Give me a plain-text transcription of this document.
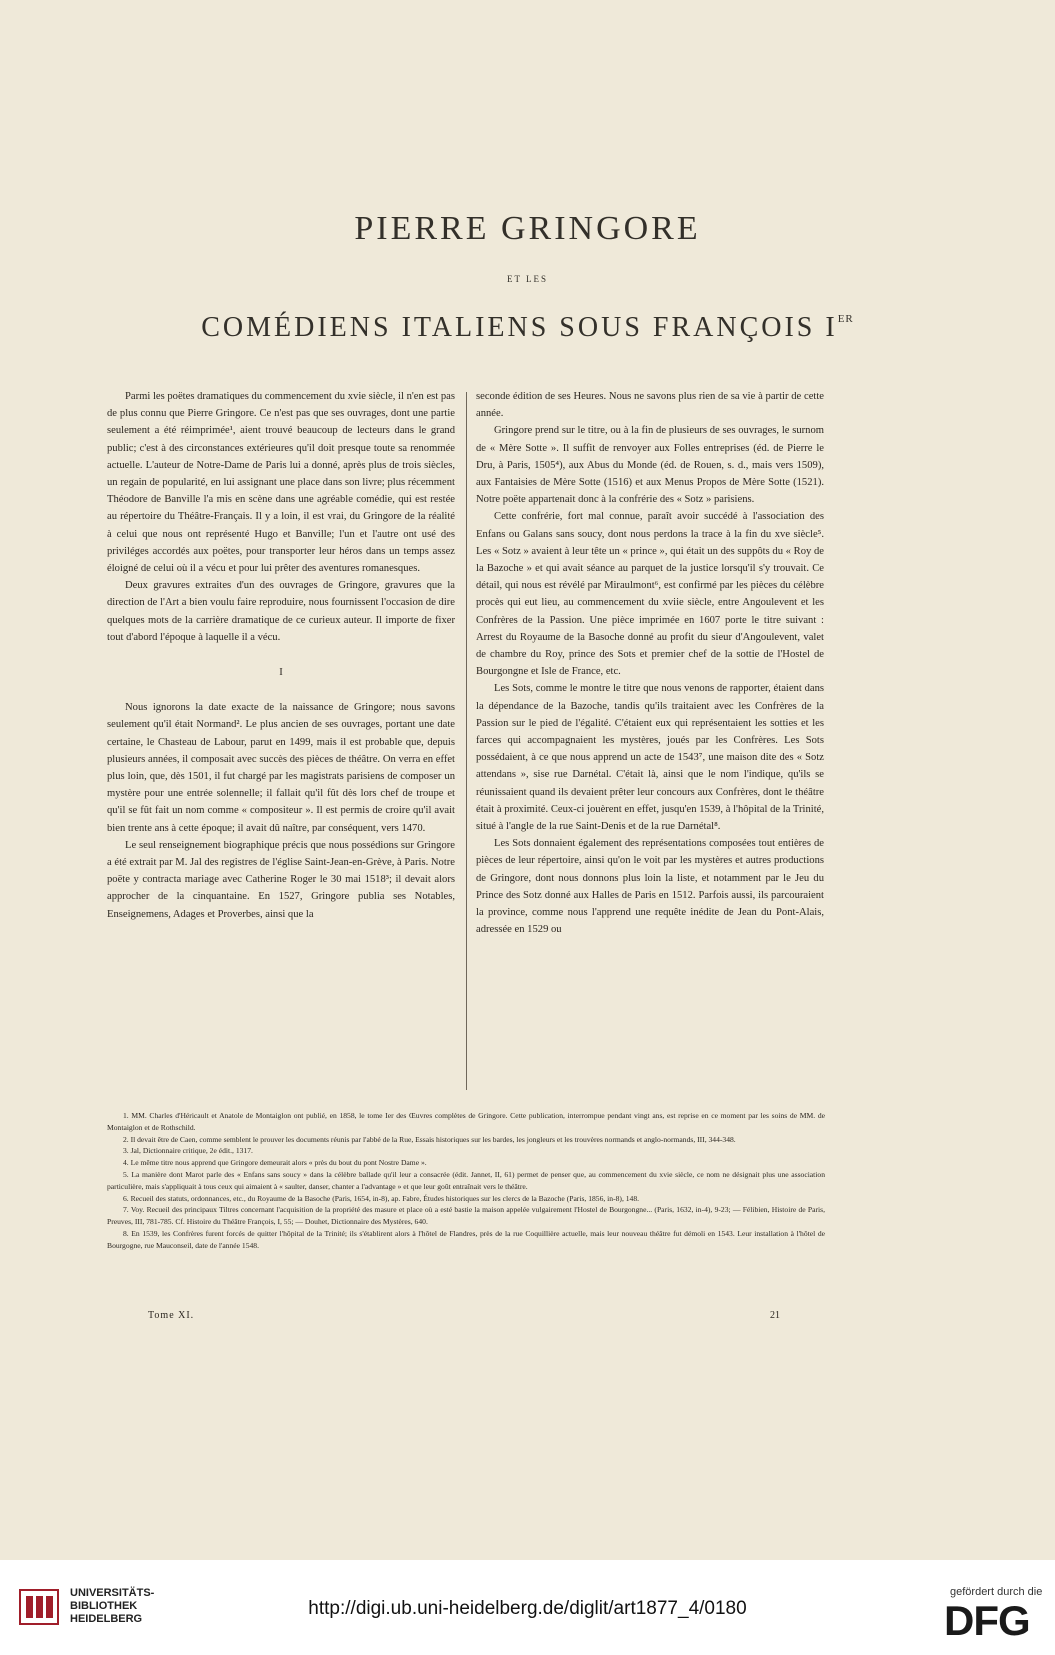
PIERRE GRINGORE
ET LES
COMÉDIENS ITALIENS SOUS FRANÇOIS IER

Parmi les poëtes dramatiques du commencement du xvie siècle, il n'en est pas de plus connu que Pierre Gringore. Ce n'est pas que ses ouvrages, dont une partie seulement a été réimprimée¹, aient trouvé beaucoup de lecteurs dans le grand public; c'est à des circonstances extérieures qu'il doit presque toute sa renommée actuelle. L'auteur de Notre-Dame de Paris lui a donné, après plus de trois siècles, un regain de popularité, en lui assignant une place dans son livre; plus récemment Théodore de Banville l'a mis en scène dans une agréable comédie, qui est restée au répertoire du Théâtre-Français. Il y a loin, il est vrai, du Gringore de la réalité à celui que nous ont représenté Hugo et Banville; l'un et l'autre ont usé des priviléges accordés aux poëtes, pour transporter leur héros dans un temps assez éloigné de celui où il a vécu et pour lui prêter des aventures romanesques.

Deux gravures extraites d'un des ouvrages de Gringore, gravures que la direction de l'Art a bien voulu faire reproduire, nous fournissent l'occasion de dire quelques mots de la carrière dramatique de ce curieux auteur. Il importe de fixer tout d'abord l'époque à laquelle il a vécu.

I

Nous ignorons la date exacte de la naissance de Gringore; nous savons seulement qu'il était Normand². Le plus ancien de ses ouvrages, portant une date certaine, le Chasteau de Labour, parut en 1499, mais il est probable que, depuis plusieurs années, il composait avec succès des pièces de théâtre. On verra en effet plus loin, que, dès 1501, il fut chargé par les magistrats parisiens de composer un mystère pour une entrée solennelle; il fallait qu'il fût dès lors chef de troupe et qu'il se fût fait un nom comme « compositeur ». Il est permis de croire qu'il avait bien trente ans à cette époque; il avait dû naître, par conséquent, vers 1470.

Le seul renseignement biographique précis que nous possédions sur Gringore a été extrait par M. Jal des registres de l'église Saint-Jean-en-Grève, à Paris. Notre poëte y contracta mariage avec Catherine Roger le 30 mai 1518³; il devait alors approcher de la cinquantaine. En 1527, Gringore publia ses Notables, Enseignemens, Adages et Proverbes, ainsi que la

seconde édition de ses Heures. Nous ne savons plus rien de sa vie à partir de cette année.

Gringore prend sur le titre, ou à la fin de plusieurs de ses ouvrages, le surnom de « Mère Sotte ». Il suffit de renvoyer aux Folles entreprises (éd. de Pierre le Dru, à Paris, 1505⁴), aux Abus du Monde (éd. de Rouen, s. d., mais vers 1509), aux Fantaisies de Mère Sotte (1516) et aux Menus Propos de Mère Sotte (1521). Notre poëte appartenait donc à la confrérie des « Sotz » parisiens.

Cette confrérie, fort mal connue, paraît avoir succédé à l'association des Enfans ou Galans sans soucy, dont nous perdons la trace à la fin du xve siècle⁵. Les « Sotz » avaient à leur tête un « prince », qui était un des suppôts du « Roy de la Bazoche » et qui avait séance au parquet de la justice lorsqu'il s'y trouvait. Ce détail, qui nous est révélé par Miraulmont⁶, est confirmé par les pièces du célèbre procès qui eut lieu, au commencement du xviie siècle, entre Angoulevent et les Confrères de la Passion. Une pièce imprimée en 1607 porte le titre suivant : Arrest du Royaume de la Basoche donné au profit du sieur d'Angoulevent, valet de chambre du Roy, prince des Sots et premier chef de la sottie de l'Hostel de Bourgongne et Isle de France, etc.

Les Sots, comme le montre le titre que nous venons de rapporter, étaient dans la dépendance de la Bazoche, tandis qu'ils traitaient avec les Confrères de la Passion sur le pied de l'égalité. C'étaient eux qui représentaient les sotties et les farces qui accompagnaient les mystères, joués par les Confrères. Les Sots possédaient, à ce que nous apprend un acte de 1543⁷, une maison dite des « Sotz attendans », sise rue Darnétal. C'était là, ainsi que le nom l'indique, qu'ils se réunissaient quand ils devaient prêter leur concours aux Confrères, dont le théâtre était à proximité. Ceux-ci jouèrent en effet, jusqu'en 1539, à l'hôpital de la Trinité, situé à l'angle de la rue Saint-Denis et de la rue Darnétal⁸.

Les Sots donnaient également des représentations composées tout entières de pièces de leur répertoire, ainsi qu'on le voit par les mystères et autres productions de Gringore, dont nous donnons plus loin la liste, et notamment par le Jeu du Prince des Sotz donné aux Halles de Paris en 1512. Parfois aussi, ils parcouraient la province, comme nous l'apprend une requête inédite de Jean du Pont-Alais, adressée en 1529 ou

1. MM. Charles d'Héricault et Anatole de Montaiglon ont publié, en 1858, le tome Ier des Œuvres complètes de Gringore. Cette publication, interrompue pendant vingt ans, est reprise en ce moment par les soins de MM. de Montaiglon et de Rothschild.

2. Il devait être de Caen, comme semblent le prouver les documents réunis par l'abbé de la Rue, Essais historiques sur les bardes, les jongleurs et les trouvères normands et anglo-normands, III, 344-348.

3. Jal, Dictionnaire critique, 2e édit., 1317.

4. Le même titre nous apprend que Gringore demeurait alors « près du bout du pont Nostre Dame ».

5. La manière dont Marot parle des « Enfans sans soucy » dans la célèbre ballade qu'il leur a consacrée (édit. Jannet, II, 61) permet de penser que, au commencement du xvie siècle, ce nom ne désignait plus une association particulière, mais s'appliquait à tous ceux qui aimaient à « saulter, danser, chanter a l'advantage » et que leur goût entraînait vers le théâtre.

6. Recueil des statuts, ordonnances, etc., du Royaume de la Basoche (Paris, 1654, in-8), ap. Fabre, Études historiques sur les clercs de la Bazoche (Paris, 1856, in-8), 148.

7. Voy. Recueil des principaux Tiltres concernant l'acquisition de la propriété des masure et place où a esté bastie la maison appelée vulgairement l'Hostel de Bourgongne... (Paris, 1632, in-4), 9-23; — Félibien, Histoire de Paris, Preuves, III, 781-785. Cf. Histoire du Théâtre François, I, 55; — Douhet, Dictionnaire des Mystères, 640.

8. En 1539, les Confrères furent forcés de quitter l'hôpital de la Trinité; ils s'établirent alors à l'hôtel de Flandres, près de la rue Coquillière actuelle, mais leur nouveau théâtre fut démoli en 1543. Leur installation à l'hôtel de Bourgogne, rue Mauconseil, date de l'année 1548.

Tome XI.	21
UNIVERSITÄTS-
BIBLIOTHEK
HEIDELBERG	http://digi.ub.uni-heidelberg.de/diglit/art1877_4/0180
gefördert durch die
DFG
